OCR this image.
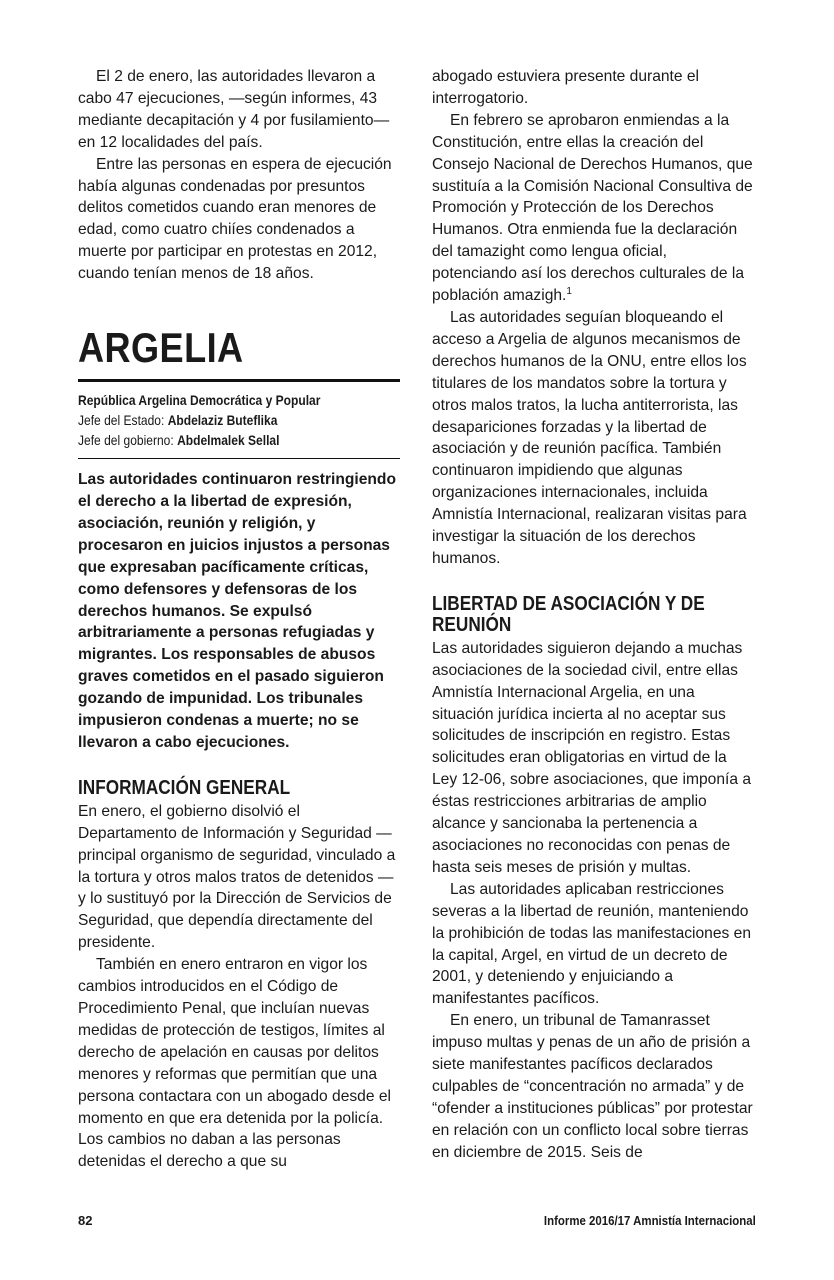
El 2 de enero, las autoridades llevaron a cabo 47 ejecuciones, —según informes, 43 mediante decapitación y 4 por fusilamiento— en 12 localidades del país.

Entre las personas en espera de ejecución había algunas condenadas por presuntos delitos cometidos cuando eran menores de edad, como cuatro chiíes condenados a muerte por participar en protestas en 2012, cuando tenían menos de 18 años.

ARGELIA
República Argelina Democrática y Popular
Jefe del Estado: Abdelaziz Buteflika
Jefe del gobierno: Abdelmalek Sellal

Las autoridades continuaron restringiendo el derecho a la libertad de expresión, asociación, reunión y religión, y procesaron en juicios injustos a personas que expresaban pacíficamente críticas, como defensores y defensoras de los derechos humanos. Se expulsó arbitrariamente a personas refugiadas y migrantes. Los responsables de abusos graves cometidos en el pasado siguieron gozando de impunidad. Los tribunales impusieron condenas a muerte; no se llevaron a cabo ejecuciones.

INFORMACIÓN GENERAL

En enero, el gobierno disolvió el Departamento de Información y Seguridad — principal organismo de seguridad, vinculado a la tortura y otros malos tratos de detenidos — y lo sustituyó por la Dirección de Servicios de Seguridad, que dependía directamente del presidente.

También en enero entraron en vigor los cambios introducidos en el Código de Procedimiento Penal, que incluían nuevas medidas de protección de testigos, límites al derecho de apelación en causas por delitos menores y reformas que permitían que una persona contactara con un abogado desde el momento en que era detenida por la policía. Los cambios no daban a las personas detenidas el derecho a que su

abogado estuviera presente durante el interrogatorio.

En febrero se aprobaron enmiendas a la Constitución, entre ellas la creación del Consejo Nacional de Derechos Humanos, que sustituía a la Comisión Nacional Consultiva de Promoción y Protección de los Derechos Humanos. Otra enmienda fue la declaración del tamazight como lengua oficial, potenciando así los derechos culturales de la población amazigh.$^1$

Las autoridades seguían bloqueando el acceso a Argelia de algunos mecanismos de derechos humanos de la ONU, entre ellos los titulares de los mandatos sobre la tortura y otros malos tratos, la lucha antiterrorista, las desapariciones forzadas y la libertad de asociación y de reunión pacífica. También continuaron impidiendo que algunas organizaciones internacionales, incluida Amnistía Internacional, realizaran visitas para investigar la situación de los derechos humanos.

LIBERTAD DE ASOCIACIÓN Y DE REUNIÓN

Las autoridades siguieron dejando a muchas asociaciones de la sociedad civil, entre ellas Amnistía Internacional Argelia, en una situación jurídica incierta al no aceptar sus solicitudes de inscripción en registro. Estas solicitudes eran obligatorias en virtud de la Ley 12-06, sobre asociaciones, que imponía a éstas restricciones arbitrarias de amplio alcance y sancionaba la pertenencia a asociaciones no reconocidas con penas de hasta seis meses de prisión y multas.

Las autoridades aplicaban restricciones severas a la libertad de reunión, manteniendo la prohibición de todas las manifestaciones en la capital, Argel, en virtud de un decreto de 2001, y deteniendo y enjuiciando a manifestantes pacíficos.

En enero, un tribunal de Tamanrasset impuso multas y penas de un año de prisión a siete manifestantes pacíficos declarados culpables de “concentración no armada” y de “ofender a instituciones públicas” por protestar en relación con un conflicto local sobre tierras en diciembre de 2015. Seis de

82	Informe 2016/17 Amnistía Internacional
